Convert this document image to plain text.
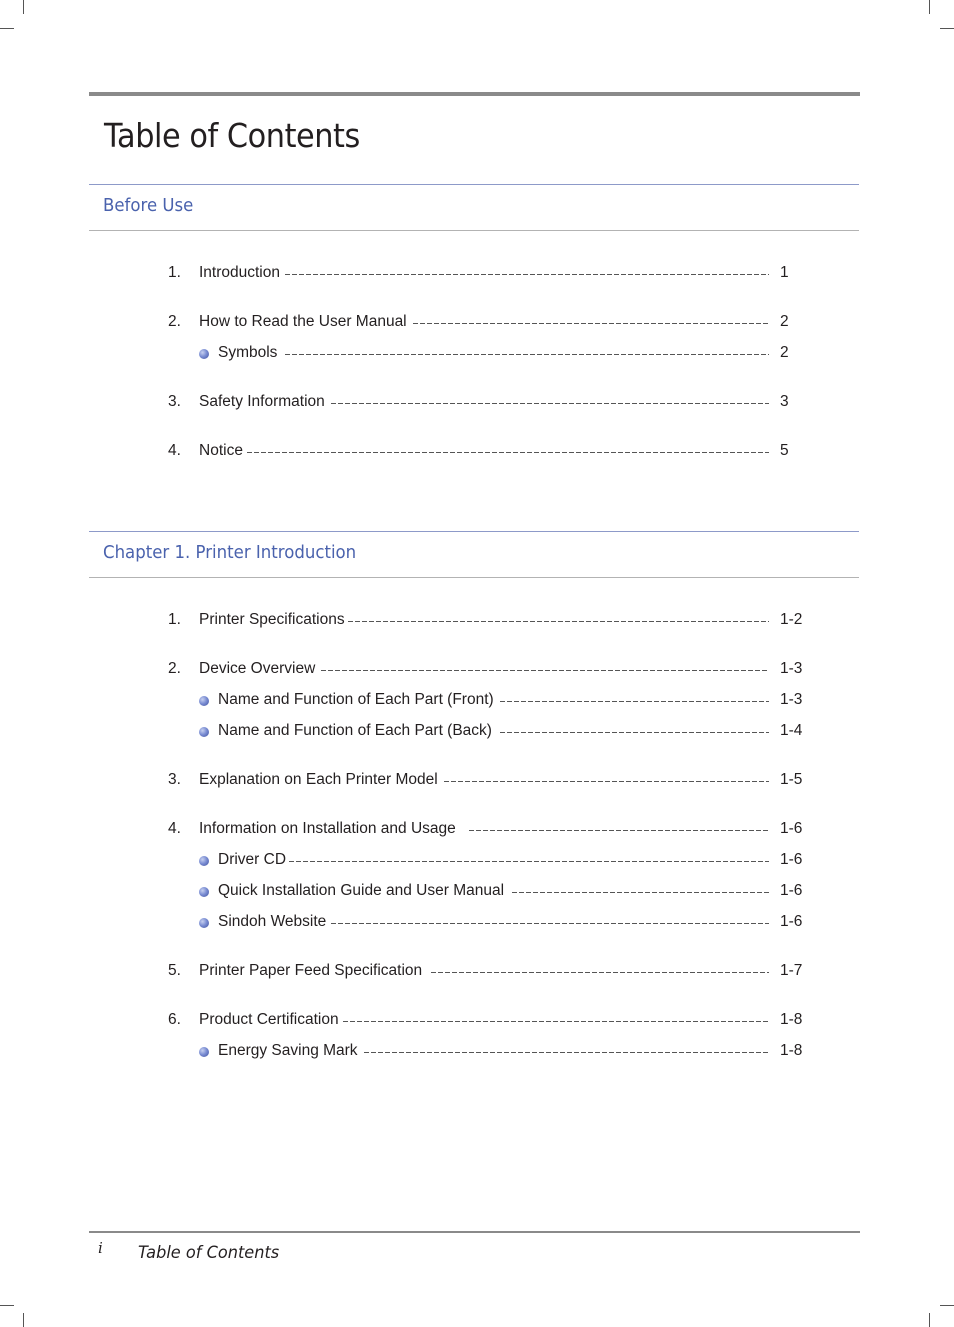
Table of Contents
Before Use
1. Introduction	1
2. How to Read the User Manual	2
Symbols	2
3. Safety Information	3
4. Notice	5
Chapter 1. Printer Introduction
1. Printer Specifications	1-2
2. Device Overview	1-3
Name and Function of Each Part (Front)	1-3
Name and Function of Each Part (Back)	1-4
3. Explanation on Each Printer Model	1-5
4. Information on Installation and Usage	1-6
Driver CD	1-6
Quick Installation Guide and User Manual	1-6
Sindoh Website	1-6
5. Printer Paper Feed Specification	1-7
6. Product Certification	1-8
Energy Saving Mark	1-8
i Table of Contents
